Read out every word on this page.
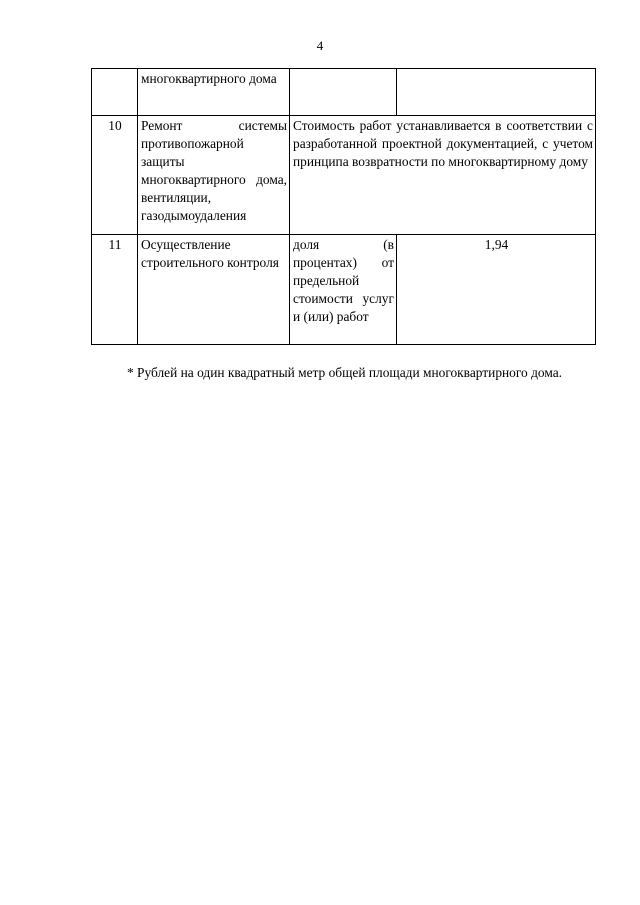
4
	многоквартирного дома		
10	Ремонт системы противопожарной защиты многоквартирного дома, вентиляции, газодымоудаления	Стоимость работ устанавливается в соответствии с разработанной проектной документацией, с учетом принципа возвратности по многоквартирному дому	
11	Осуществление строительного контроля	доля (в процентах) от предельной стоимости услуг и (или) работ	1,94
* Рублей на один квадратный метр общей площади многоквартирного дома.
